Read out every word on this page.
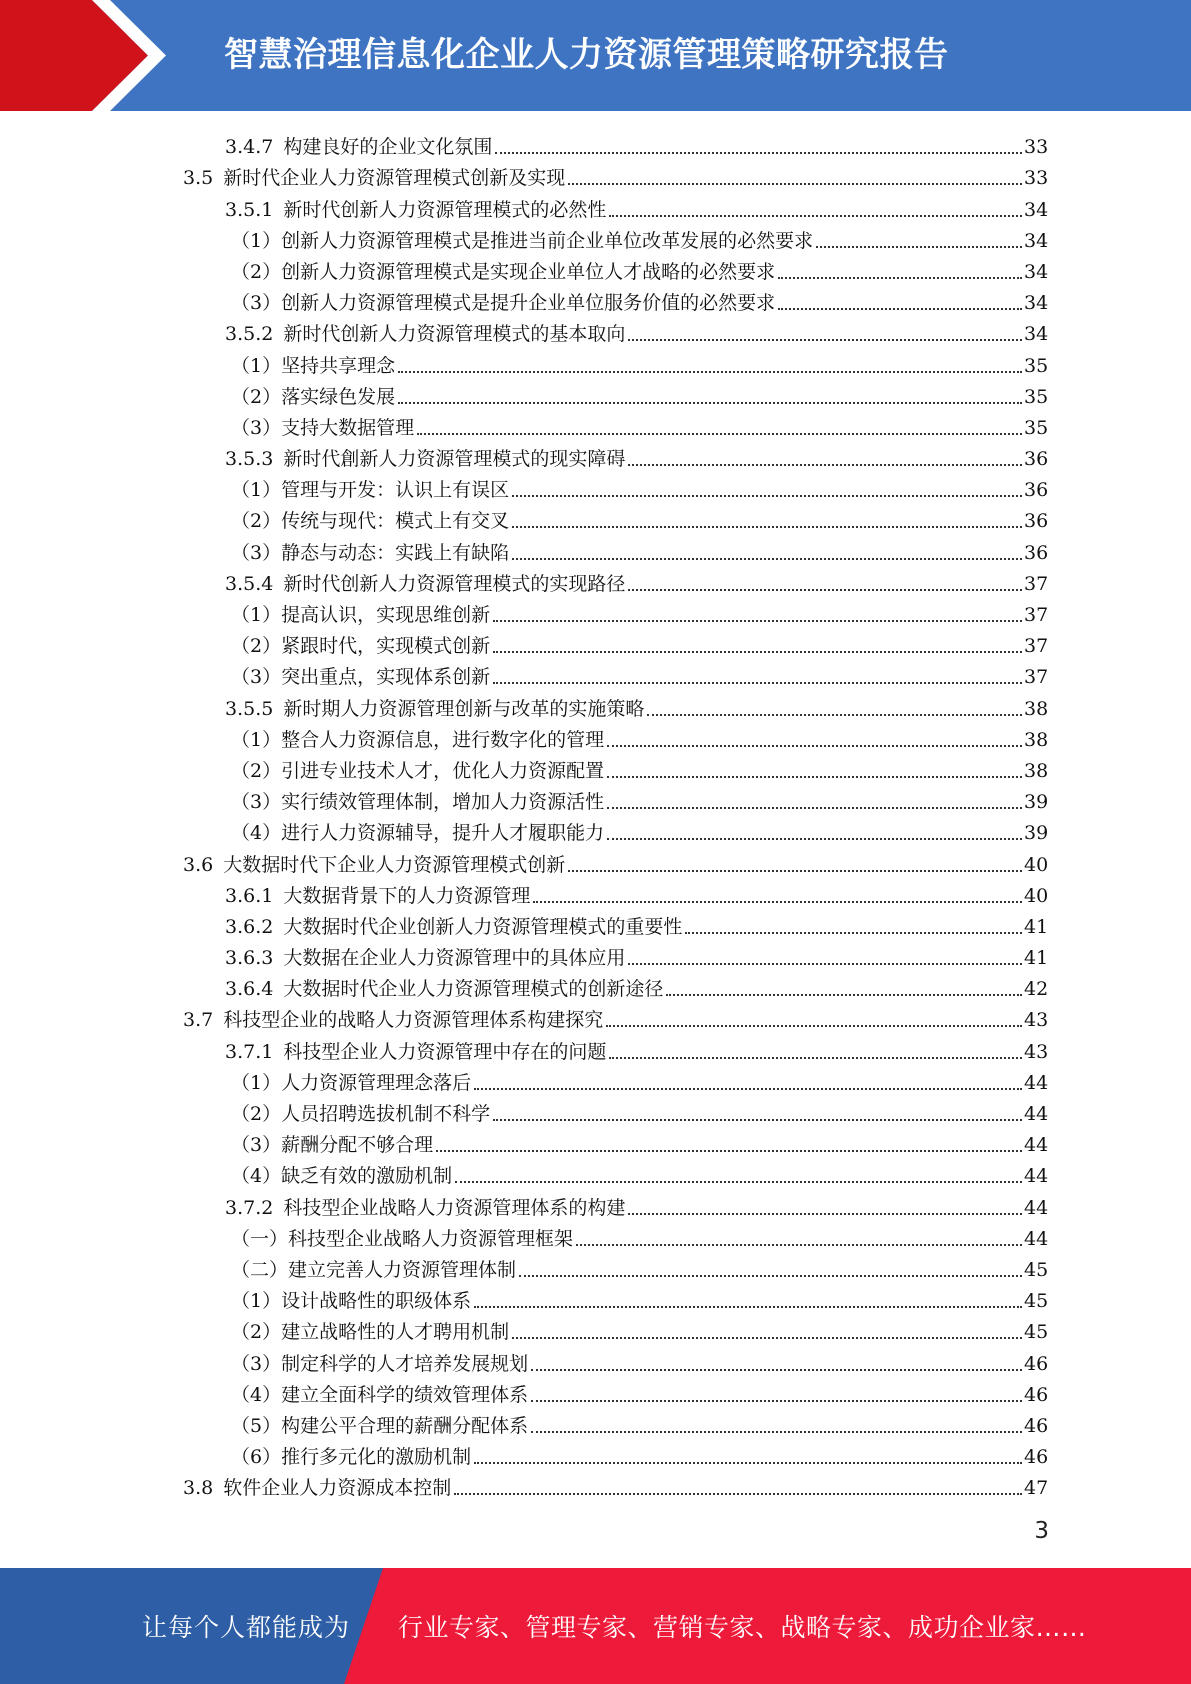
智慧治理信息化企业人力资源管理策略研究报告
3.4.7 构建良好的企业文化氛围	33
3.5 新时代企业人力资源管理模式创新及实现	33
3.5.1 新时代创新人力资源管理模式的必然性	34
（1）创新人力资源管理模式是推进当前企业单位改革发展的必然要求	34
（2）创新人力资源管理模式是实现企业单位人才战略的必然要求	34
（3）创新人力资源管理模式是提升企业单位服务价值的必然要求	34
3.5.2 新时代创新人力资源管理模式的基本取向	34
（1）坚持共享理念	35
（2）落实绿色发展	35
（3）支持大数据管理	35
3.5.3 新时代創新人力资源管理模式的现实障碍	36
（1）管理与开发：认识上有误区	36
（2）传统与现代：模式上有交叉	36
（3）静态与动态：实践上有缺陷	36
3.5.4 新时代创新人力资源管理模式的实现路径	37
（1）提高认识，实现思维创新	37
（2）紧跟时代，实现模式创新	37
（3）突出重点，实现体系创新	37
3.5.5 新时期人力资源管理创新与改革的实施策略	38
（1）整合人力资源信息，进行数字化的管理	38
（2）引进专业技术人才，优化人力资源配置	38
（3）实行绩效管理体制，增加人力资源活性	39
（4）进行人力资源辅导，提升人才履职能力	39
3.6 大数据时代下企业人力资源管理模式创新	40
3.6.1 大数据背景下的人力资源管理	40
3.6.2 大数据时代企业创新人力资源管理模式的重要性	41
3.6.3 大数据在企业人力资源管理中的具体应用	41
3.6.4 大数据时代企业人力资源管理模式的创新途径	42
3.7 科技型企业的战略人力资源管理体系构建探究	43
3.7.1 科技型企业人力资源管理中存在的问题	43
（1）人力资源管理理念落后	44
（2）人员招聘选拔机制不科学	44
（3）薪酬分配不够合理	44
（4）缺乏有效的激励机制	44
3.7.2 科技型企业战略人力资源管理体系的构建	44
（一）科技型企业战略人力资源管理框架	44
（二）建立完善人力资源管理体制	45
（1）设计战略性的职级体系	45
（2）建立战略性的人才聘用机制	45
（3）制定科学的人才培养发展规划	46
（4）建立全面科学的绩效管理体系	46
（5）构建公平合理的薪酬分配体系	46
（6）推行多元化的激励机制	46
3.8 软件企业人力资源成本控制	47
3
让每个人都能成为 行业专家、管理专家、营销专家、战略专家、成功企业家……
